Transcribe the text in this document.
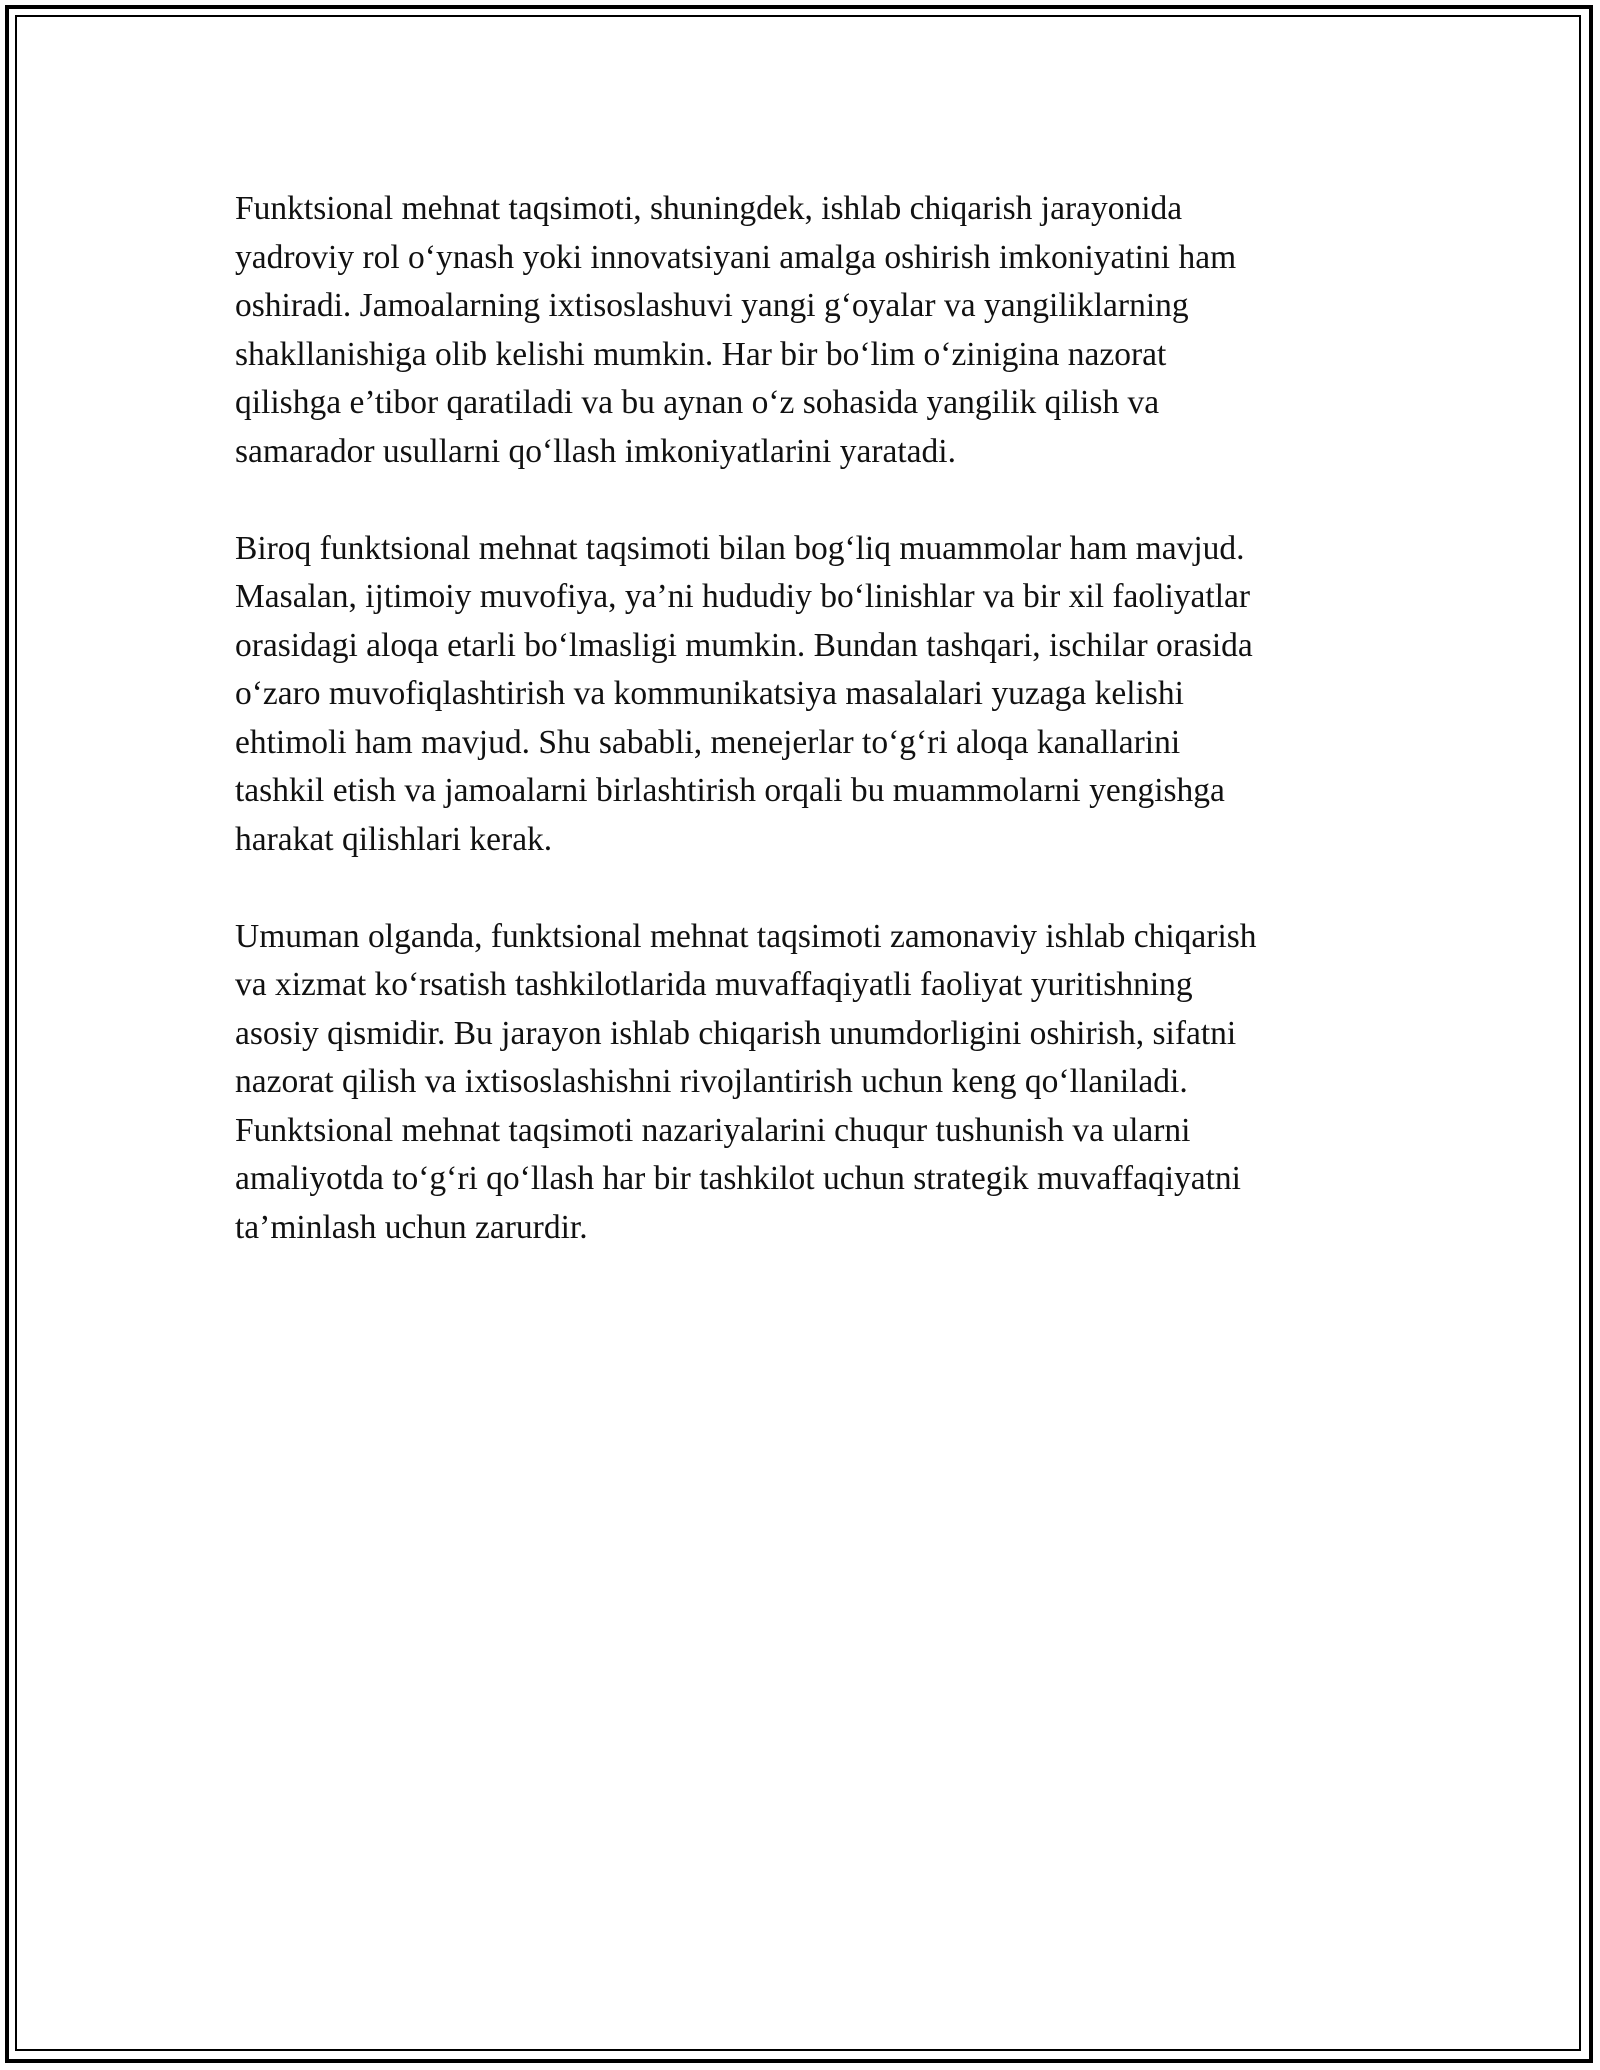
Funktsional mehnat taqsimoti, shuningdek, ishlab chiqarish jarayonida
yadroviy rol o‘ynash yoki innovatsiyani amalga oshirish imkoniyatini ham
oshiradi. Jamoalarning ixtisoslashuvi yangi g‘oyalar va yangiliklarning
shakllanishiga olib kelishi mumkin. Har bir bo‘lim o‘zinigina nazorat
qilishga e’tibor qaratiladi va bu aynan o‘z sohasida yangilik qilish va
samarador usullarni qo‘llash imkoniyatlarini yaratadi.

Biroq funktsional mehnat taqsimoti bilan bog‘liq muammolar ham mavjud.
Masalan, ijtimoiy muvofiya, ya’ni hududiy bo‘linishlar va bir xil faoliyatlar
orasidagi aloqa etarli bo‘lmasligi mumkin. Bundan tashqari, ischilar orasida
o‘zaro muvofiqlashtirish va kommunikatsiya masalalari yuzaga kelishi
ehtimoli ham mavjud. Shu sababli, menejerlar to‘g‘ri aloqa kanallarini
tashkil etish va jamoalarni birlashtirish orqali bu muammolarni yengishga
harakat qilishlari kerak.

Umuman olganda, funktsional mehnat taqsimoti zamonaviy ishlab chiqarish
va xizmat ko‘rsatish tashkilotlarida muvaffaqiyatli faoliyat yuritishning
asosiy qismidir. Bu jarayon ishlab chiqarish unumdorligini oshirish, sifatni
nazorat qilish va ixtisoslashishni rivojlantirish uchun keng qo‘llaniladi.
Funktsional mehnat taqsimoti nazariyalarini chuqur tushunish va ularni
amaliyotda to‘g‘ri qo‘llash har bir tashkilot uchun strategik muvaffaqiyatni
ta’minlash uchun zarurdir.
